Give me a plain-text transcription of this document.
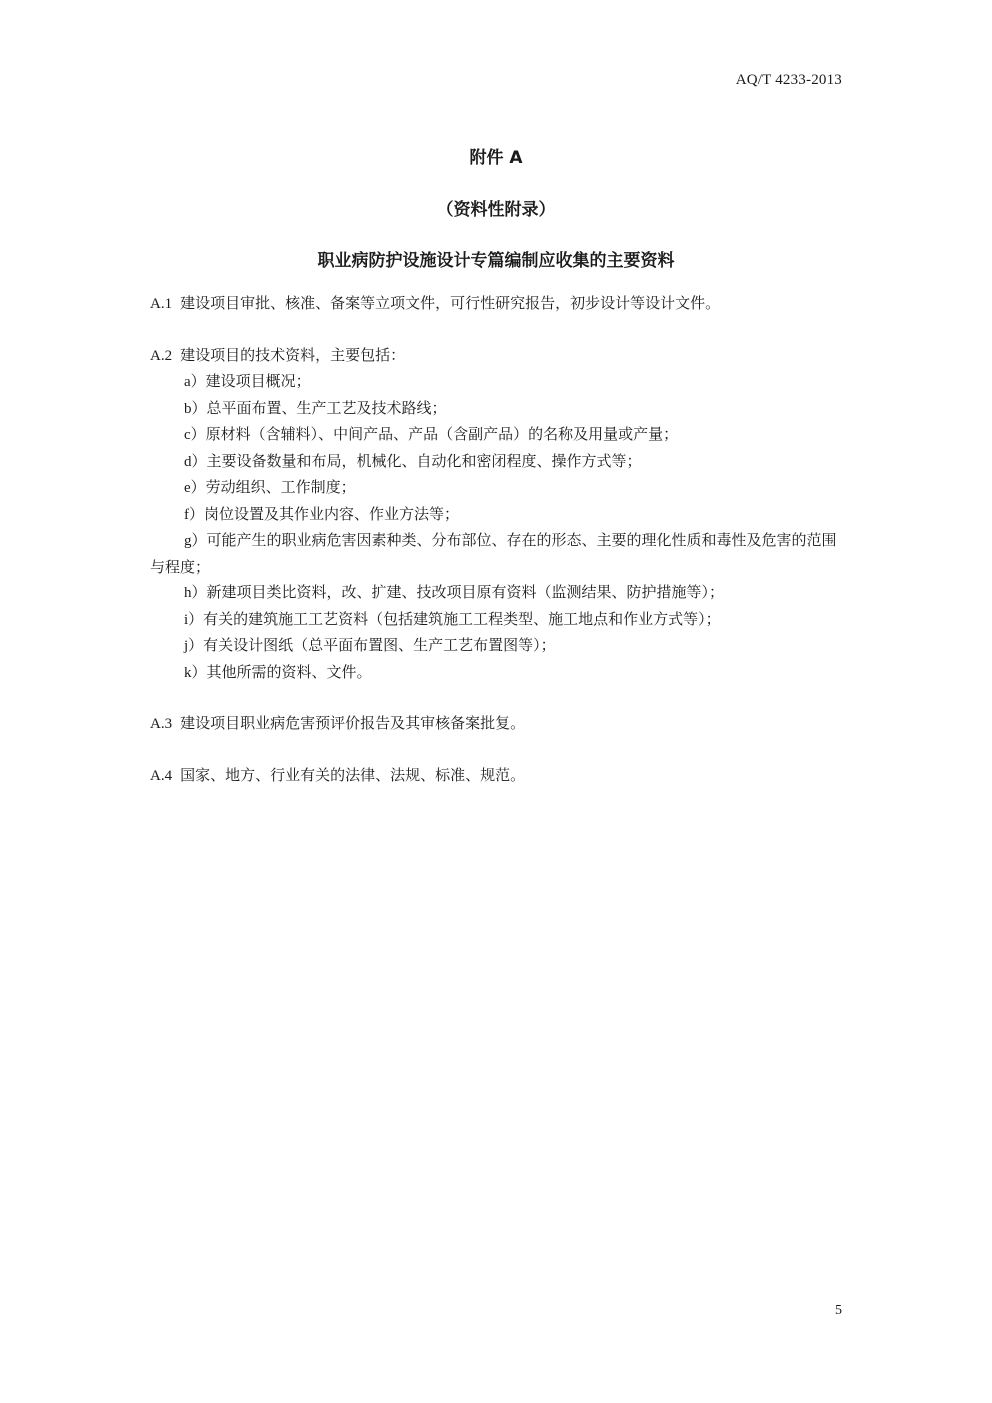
AQ/T 4233-2013
附件 A
（资料性附录）
职业病防护设施设计专篇编制应收集的主要资料
A.1 建设项目审批、核准、备案等立项文件，可行性研究报告，初步设计等设计文件。
A.2 建设项目的技术资料，主要包括：
a）建设项目概况；
b）总平面布置、生产工艺及技术路线；
c）原材料（含辅料）、中间产品、产品（含副产品）的名称及用量或产量；
d）主要设备数量和布局，机械化、自动化和密闭程度、操作方式等；
e）劳动组织、工作制度；
f）岗位设置及其作业内容、作业方法等；
g）可能产生的职业病危害因素种类、分布部位、存在的形态、主要的理化性质和毒性及危害的范围与程度；
h）新建项目类比资料，改、扩建、技改项目原有资料（监测结果、防护措施等）；
i）有关的建筑施工工艺资料（包括建筑施工工程类型、施工地点和作业方式等）；
j）有关设计图纸（总平面布置图、生产工艺布置图等）；
k）其他所需的资料、文件。
A.3 建设项目职业病危害预评价报告及其审核备案批复。
A.4 国家、地方、行业有关的法律、法规、标准、规范。
5
